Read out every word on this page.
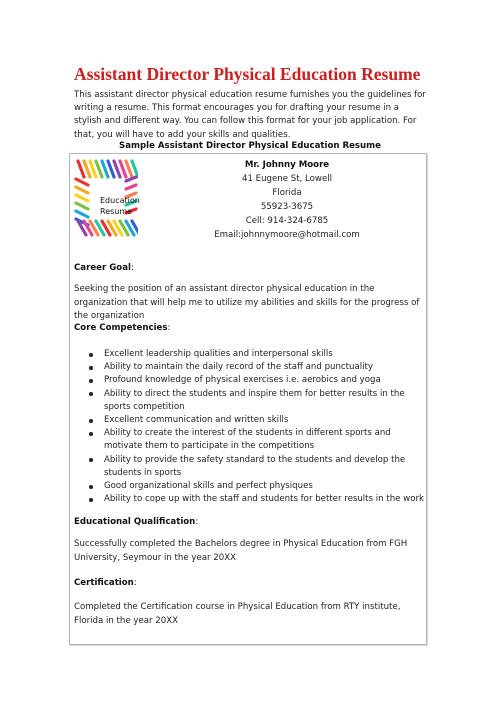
Assistant Director Physical Education Resume
This assistant director physical education resume furnishes you the guidelines for writing a resume. This format encourages you for drafting your resume in a stylish and different way. You can follow this format for your job application. For that, you will have to add your skills and qualities.
Sample Assistant Director Physical Education Resume
Education
Resume
Mr. Johnny Moore
41 Eugene St, Lowell
Florida
55923-3675
Cell: 914-324-6785
Email:johnnymoore@hotmail.com
Career Goal:
Seeking the position of an assistant director physical education in the organization that will help me to utilize my abilities and skills for the progress of the organization
Core Competencies:
Excellent leadership qualities and interpersonal skills
Ability to maintain the daily record of the staff and punctuality
Profound knowledge of physical exercises i.e. aerobics and yoga
Ability to direct the students and inspire them for better results in the sports competition
Excellent communication and written skills
Ability to create the interest of the students in different sports and motivate them to participate in the competitions
Ability to provide the safety standard to the students and develop the students in sports
Good organizational skills and perfect physiques
Ability to cope up with the staff and students for better results in the work
Educational Qualification:
Successfully completed the Bachelors degree in Physical Education from FGH University, Seymour in the year 20XX
Certification:
Completed the Certification course in Physical Education from RTY institute, Florida in the year 20XX
